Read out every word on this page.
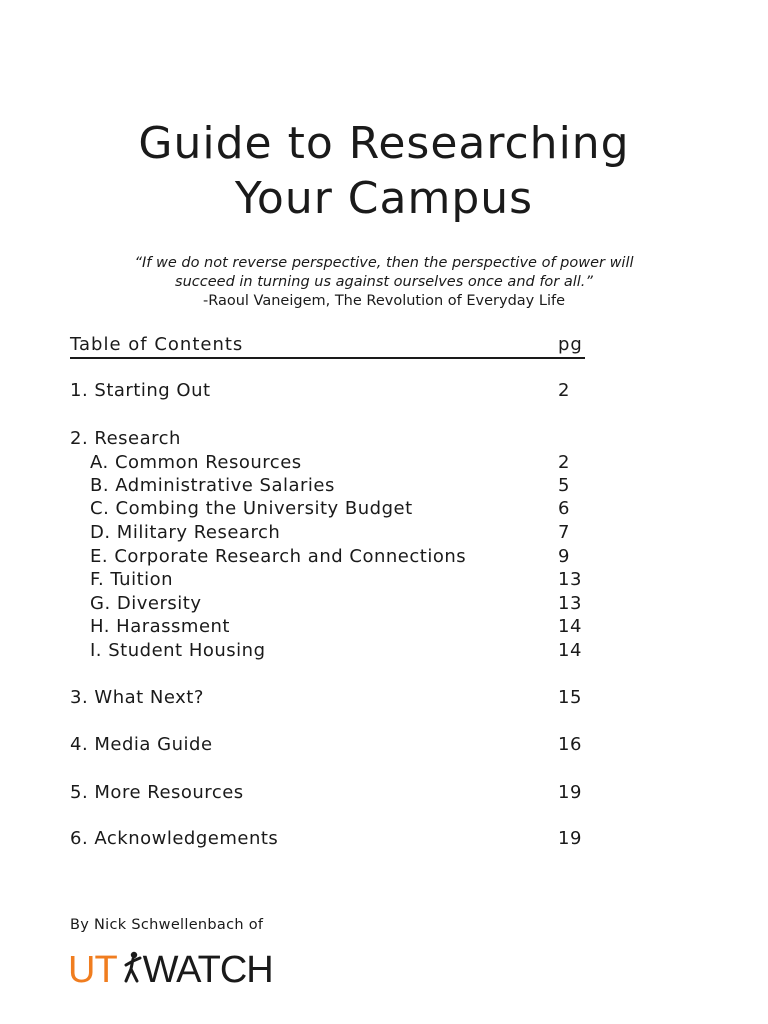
Guide to Researching
Your Campus
“If we do not reverse perspective, then the perspective of power will
succeed in turning us against ourselves once and for all.”
-Raoul Vaneigem, The Revolution of Everyday Life
Table of Contents	pg
1. Starting Out	2
2. Research
A. Common Resources	2
B. Administrative Salaries	5
C. Combing the University Budget	6
D. Military Research	7
E. Corporate Research and Connections	9
F. Tuition	13
G. Diversity	13
H. Harassment	14
I. Student Housing	14
3. What Next?	15
4. Media Guide	16
5. More Resources	19
6. Acknowledgements	19
By Nick Schwellenbach of
UT WATCH
